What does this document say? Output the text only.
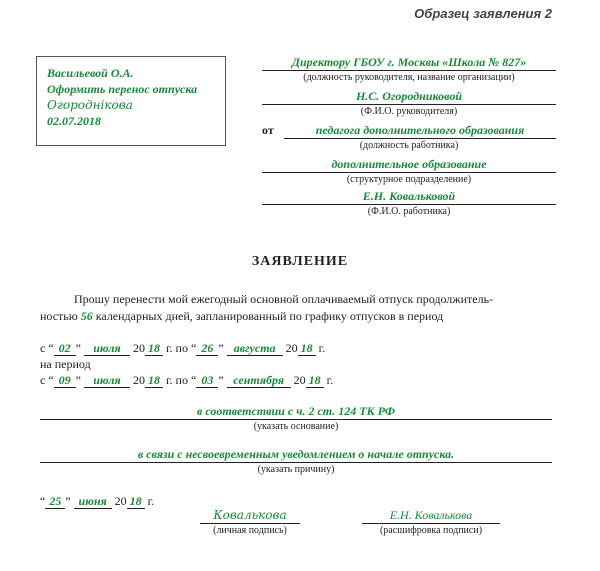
Образец заявления 2
Васильевой О.А.
Оформить перенос отпуска
Огороднікова
02.07.2018
Директору ГБОУ г. Москвы «Школа № 827»
(должность руководителя, название организации)
Н.С. Огородниковой
(Ф.И.О. руководителя)
от	педагога дополнительного образования
(должность работника)
дополнительное образование
(структурное подразделение)
Е.Н. Ковальковой
(Ф.И.О. работника)
ЗАЯВЛЕНИЕ
Прошу перенести мой ежегодный основной оплачиваемый отпуск продолжитель-
ностью 56 календарных дней, запланированный по графику отпусков в период
с “ 02 ” июля 20 18 г. по “ 26 ” августа 20 18 г.
на период
с “ 09 ” июля 20 18 г. по “ 03 ” сентября 20 18 г.
в соответствии с ч. 2 ст. 124 ТК РФ
(указать основание)
в связи с несвоевременным уведомлением о начале отпуска.
(указать причину)
“ 25 ” июня 20 18 г.
Ковалькова
(личная подпись)
Е.Н. Ковалькова
(расшифровка подписи)
